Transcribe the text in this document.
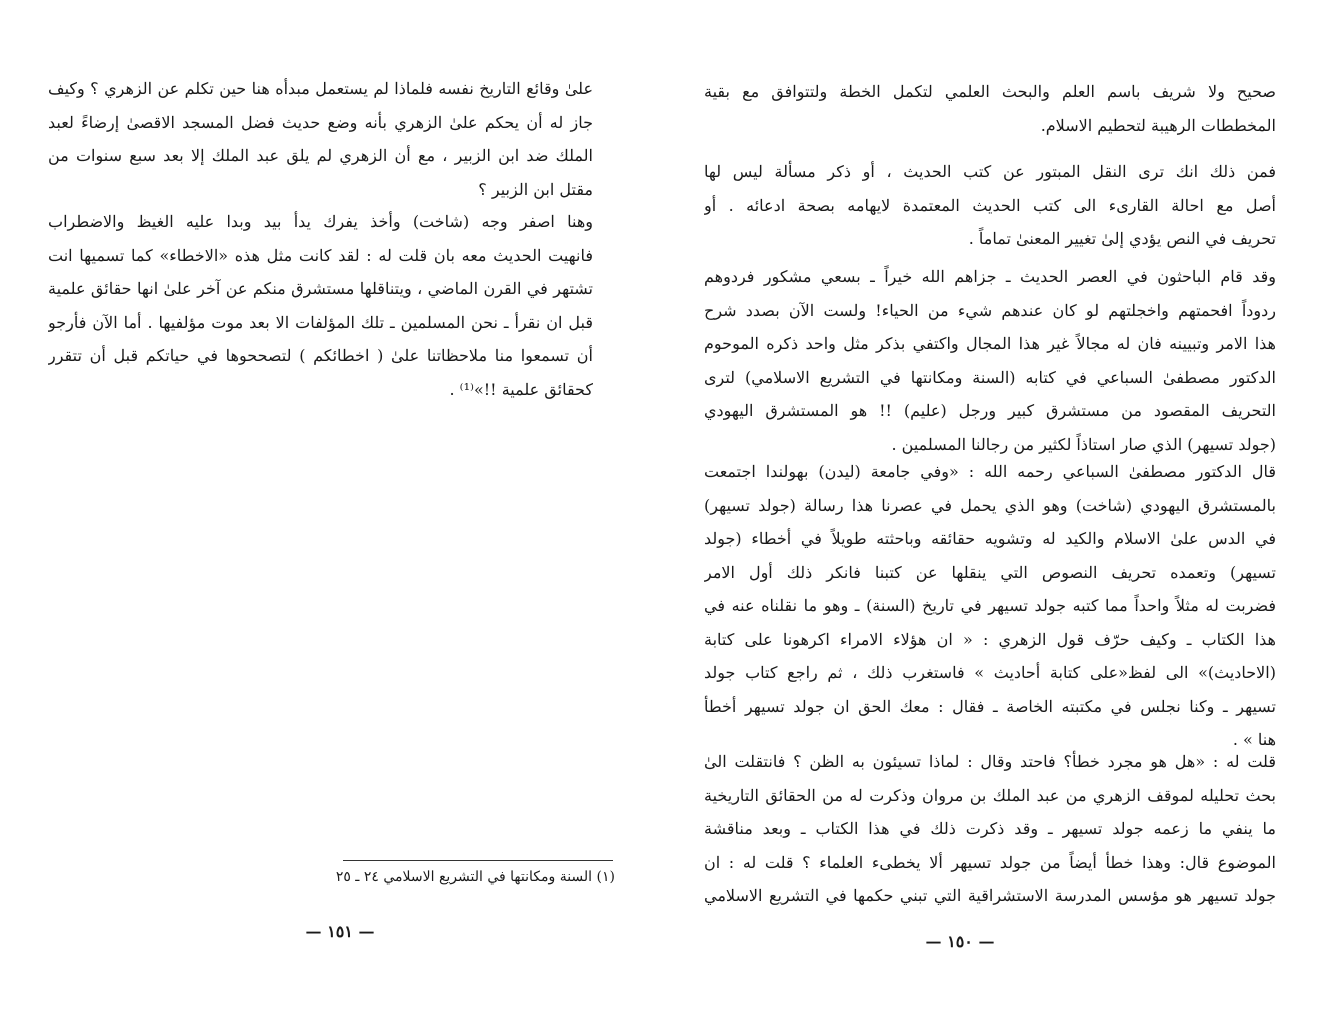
علىٰ وقائع التاريخ نفسه فلماذا لم يستعمل مبدأه هنا حين تكلم عن الزهري ؟ وكيف
جاز له أن يحكم علىٰ الزهري بأنه وضع حديث فضل المسجد الاقصىٰ إرضاءً لعبد
الملك ضد ابن الزبير ، مع أن الزهري لم يلق عبد الملك إلا بعد سبع سنوات من
مقتل ابن الزبير ؟
وهنا اصفر وجه (شاخت) وأخذ يفرك يدأ بيد وبدا عليه الغيظ والاضطراب
فانهيت الحديث معه بان قلت له : لقد كانت مثل هذه «الاخطاء» كما تسميها انت
تشتهر في القرن الماضي ، ويتناقلها مستشرق منكم عن آخر علىٰ انها حقائق علمية
قبل ان نقرأ ـ نحن المسلمين ـ تلك المؤلفات الا بعد موت مؤلفيها . أما الآن فأرجو
أن تسمعوا منا ملاحظاتنا علىٰ ( اخطائكم ) لتصححوها في حياتكم قبل أن تتقرر
كحقائق علمية !!»⁽¹⁾ .
(١) السنة ومكانتها في التشريع الاسلامي ٢٤ ـ ٢٥
— ١٥١ —
صحيح ولا شريف باسم العلم والبحث العلمي لتكمل الخطة ولتتوافق مع بقية
المخططات الرهيبة لتحطيم الاسلام.
فمن ذلك انك ترى النقل المبتور عن كتب الحديث ، أو ذكر مسألة ليس لها
أصل مع احالة القارىء الى كتب الحديث المعتمدة لايهامه بصحة ادعائه . أو
تحريف في النص يؤدي إلىٰ تغيير المعنىٰ تماماً .
وقد قام الباحثون في العصر الحديث ـ جزاهم الله خيراً ـ بسعي مشكور فردوهم
ردوداً افحمتهم واخجلتهم لو كان عندهم شيء من الحياء! ولست الآن بصدد شرح
هذا الامر وتبيينه فان له مجالاً غير هذا المجال واكتفي بذكر مثل واحد ذكره الموحوم
الدكتور مصطفىٰ السباعي في كتابه (السنة ومكانتها في التشريع الاسلامي) لترى
التحريف المقصود من مستشرق كبير ورجل (عليم) !! هو المستشرق اليهودي
(جولد تسيهر) الذي صار استاذاً لكثير من رجالنا المسلمين .
قال الدكتور مصطفىٰ السباعي رحمه الله : «وفي جامعة (ليدن) بهولندا اجتمعت
بالمستشرق اليهودي (شاخت) وهو الذي يحمل في عصرنا هذا رسالة (جولد تسيهر)
في الدس علىٰ الاسلام والكيد له وتشويه حقائقه وباحثته طويلاً في أخطاء (جولد
تسيهر) وتعمده تحريف النصوص التي ينقلها عن كتبنا فانكر ذلك أول الامر
فضربت له مثلاً واحداً مما كتبه جولد تسيهر في تاريخ (السنة) ـ وهو ما نقلناه عنه في
هذا الكتاب ـ وكيف حرّف قول الزهري : « ان هؤلاء الامراء اكرهونا على كتابة
(الاحاديث)» الى لفظ«على كتابة أحاديث » فاستغرب ذلك ، ثم راجع كتاب جولد
تسيهر ـ وكنا نجلس في مكتبته الخاصة ـ فقال : معك الحق ان جولد تسيهر أخطأ
هنا » .
قلت له : «هل هو مجرد خطأ؟ فاحتد وقال : لماذا تسيئون به الظن ؟ فانتقلت الىٰ
بحث تحليله لموقف الزهري من عبد الملك بن مروان وذكرت له من الحقائق التاريخية
ما ينفي ما زعمه جولد تسيهر ـ وقد ذكرت ذلك في هذا الكتاب ـ وبعد مناقشة
الموضوع قال: وهذا خطأ أيضاً من جولد تسيهر ألا يخطىء العلماء ؟ قلت له : ان
جولد تسيهر هو مؤسس المدرسة الاستشراقية التي تبني حكمها في التشريع الاسلامي
— ١٥٠ —
